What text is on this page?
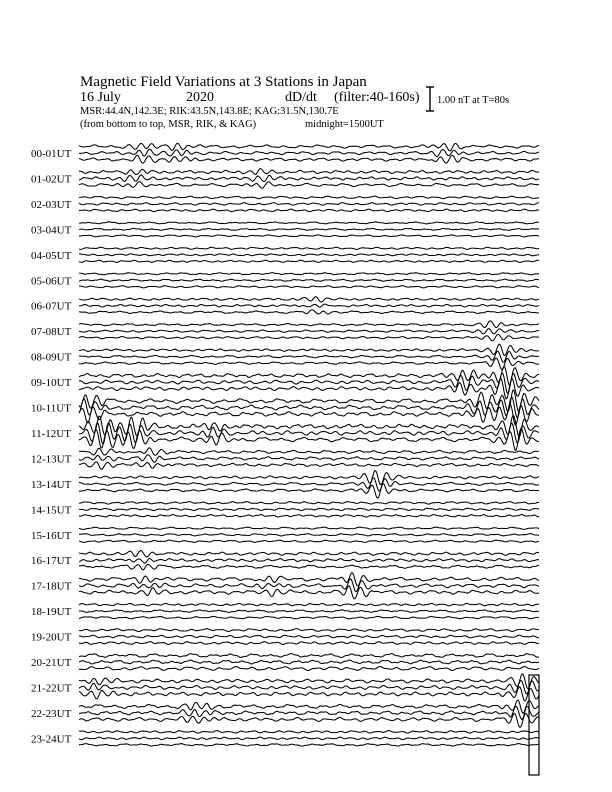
Magnetic Field Variations at 3 Stations in Japan
16 July	2020	dD/dt (filter:40-160s)
MSR:44.4N,142.3E; RIK:43.5N,143.8E; KAG:31.5N,130.7E
(from bottom to top, MSR, RIK, & KAG)	midnight=1500UT
1.00 nT at T=80s
00-01UT
01-02UT
02-03UT
03-04UT
04-05UT
05-06UT
06-07UT
07-08UT
08-09UT
09-10UT
10-11UT
11-12UT
12-13UT
13-14UT
14-15UT
15-16UT
16-17UT
17-18UT
18-19UT
19-20UT
20-21UT
21-22UT
22-23UT
23-24UT
